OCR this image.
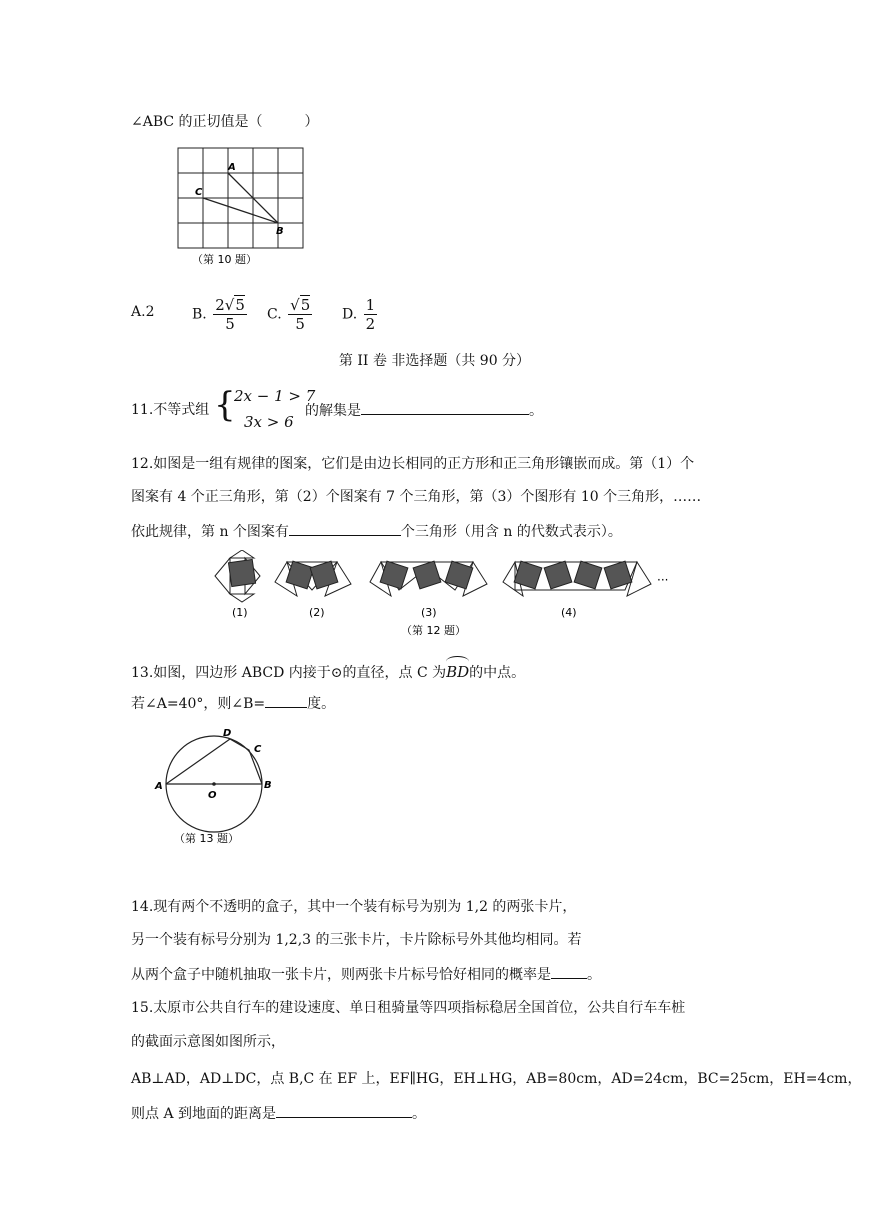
∠ABC 的正切值是（　　　）
A
C
B
（第 10 题）
A.2	B. $\frac{2√5}{5} C$. $\frac{√5}{5} D$. $\frac{1}{2}$
第 II 卷 非选择题（共 90 分）
11.不等式组 {
2x − 1 > 7
3x > 6
的解集是	。
12.如图是一组有规律的图案，它们是由边长相同的正方形和正三角形镶嵌而成。第（1）个
图案有 4 个正三角形，第（2）个图案有 7 个三角形，第（3）个图形有 10 个三角形，……
依此规律，第 n 个图案有	个三角形（用含 n 的代数式表示）。
(1)	(2)	(3)	(4)
···
（第 12 题）
13.如图，四边形 ABCD 内接于⊙的直径，点 C 为
BD的中点。
若∠A=40°，则∠B=	度。
A	B
C
D
O
（第 13 题）
14.现有两个不透明的盒子，其中一个装有标号为别为 1,2 的两张卡片，
另一个装有标号分别为 1,2,3 的三张卡片，卡片除标号外其他均相同。若
从两个盒子中随机抽取一张卡片，则两张卡片标号恰好相同的概率是	。
15.太原市公共自行车的建设速度、单日租骑量等四项指标稳居全国首位，公共自行车车桩
的截面示意图如图所示，
AB⊥AD，AD⊥DC，点 B,C 在 EF 上，EF∥HG，EH⊥HG，AB=80cm，AD=24cm，BC=25cm，EH=4cm，
则点 A 到地面的距离是	。
